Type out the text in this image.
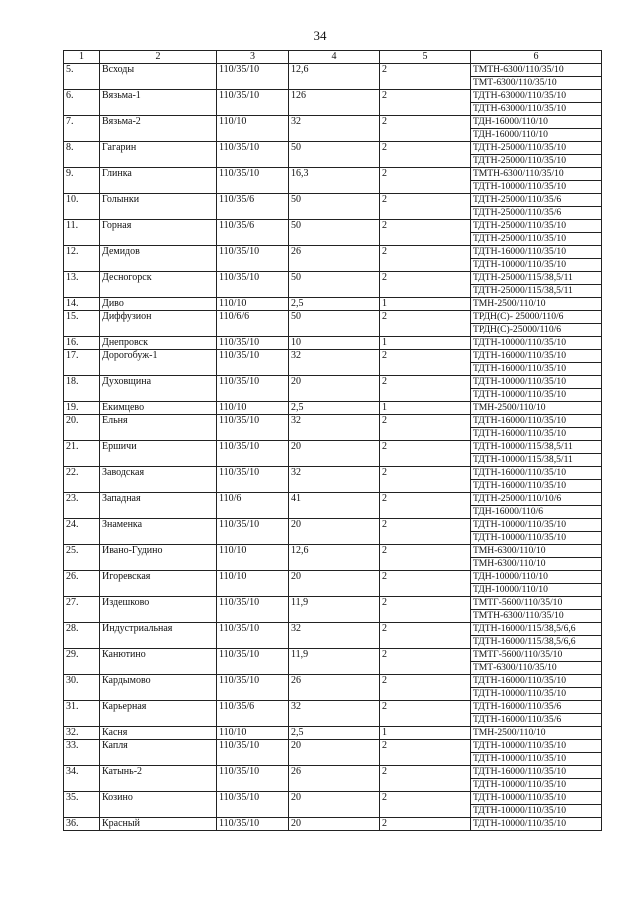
34
1	2	3	4	5	6
5.	Всходы	110/35/10	12,6	2	ТМТН-6300/110/35/10
					ТМТ-6300/110/35/10
6.	Вязьма-1	110/35/10	126	2	ТДТН-63000/110/35/10
					ТДТН-63000/110/35/10
7.	Вязьма-2	110/10	32	2	ТДН-16000/110/10
					ТДН-16000/110/10
8.	Гагарин	110/35/10	50	2	ТДТН-25000/110/35/10
					ТДТН-25000/110/35/10
9.	Глинка	110/35/10	16,3	2	ТМТН-6300/110/35/10
					ТДТН-10000/110/35/10
10.	Голынки	110/35/6	50	2	ТДТН-25000/110/35/6
					ТДТН-25000/110/35/6
11.	Горная	110/35/6	50	2	ТДТН-25000/110/35/10
					ТДТН-25000/110/35/10
12.	Демидов	110/35/10	26	2	ТДТН-16000/110/35/10
					ТДТН-10000/110/35/10
13.	Десногорск	110/35/10	50	2	ТДТН-25000/115/38,5/11
					ТДТН-25000/115/38,5/11
14.	Диво	110/10	2,5	1	ТМН-2500/110/10
15.	Диффузион	110/6/6	50	2	ТРДН(С)- 25000/110/6
					ТРДН(С)-25000/110/6
16.	Днепровск	110/35/10	10	1	ТДТН-10000/110/35/10
17.	Дорогобуж-1	110/35/10	32	2	ТДТН-16000/110/35/10
					ТДТН-16000/110/35/10
18.	Духовщина	110/35/10	20	2	ТДТН-10000/110/35/10
					ТДТН-10000/110/35/10
19.	Екимцево	110/10	2,5	1	ТМН-2500/110/10
20.	Ельня	110/35/10	32	2	ТДТН-16000/110/35/10
					ТДТН-16000/110/35/10
21.	Ершичи	110/35/10	20	2	ТДТН-10000/115/38,5/11
					ТДТН-10000/115/38,5/11
22.	Заводская	110/35/10	32	2	ТДТН-16000/110/35/10
					ТДТН-16000/110/35/10
23.	Западная	110/6	41	2	ТДТН-25000/110/10/6
					ТДН-16000/110/6
24.	Знаменка	110/35/10	20	2	ТДТН-10000/110/35/10
					ТДТН-10000/110/35/10
25.	Ивано-Гудино	110/10	12,6	2	ТМН-6300/110/10
					ТМН-6300/110/10
26.	Игоревская	110/10	20	2	ТДН-10000/110/10
					ТДН-10000/110/10
27.	Издешково	110/35/10	11,9	2	ТМТГ-5600/110/35/10
					ТМТН-6300/110/35/10
28.	Индустриальная	110/35/10	32	2	ТДТН-16000/115/38,5/6,6
					ТДТН-16000/115/38,5/6,6
29.	Канютино	110/35/10	11,9	2	ТМТГ-5600/110/35/10
					ТМТ-6300/110/35/10
30.	Кардымово	110/35/10	26	2	ТДТН-16000/110/35/10
					ТДТН-10000/110/35/10
31.	Карьерная	110/35/6	32	2	ТДТН-16000/110/35/6
					ТДТН-16000/110/35/6
32.	Касня	110/10	2,5	1	ТМН-2500/110/10
33.	Капля	110/35/10	20	2	ТДТН-10000/110/35/10
					ТДТН-10000/110/35/10
34.	Катынь-2	110/35/10	26	2	ТДТН-16000/110/35/10
					ТДТН-10000/110/35/10
35.	Козино	110/35/10	20	2	ТДТН-10000/110/35/10
					ТДТН-10000/110/35/10
36.	Красный	110/35/10	20	2	ТДТН-10000/110/35/10
